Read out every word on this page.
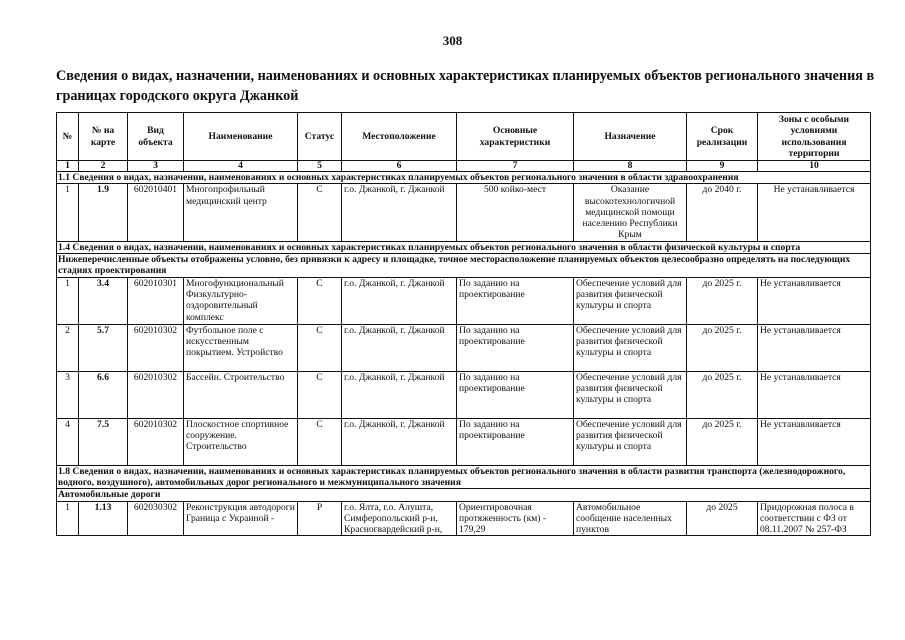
308
Сведения о видах, назначении, наименованиях и основных характеристиках планируемых объектов регионального значения в границах городского округа Джанкой
№	№ на карте	Вид объекта	Наименование	Статус	Местоположение	Основные характеристики	Назначение	Срок реализации	Зоны с особыми условиями использования территории
1	2	3	4	5	6	7	8	9	10
1.1 Сведения о видах, назначении, наименованиях и основных характеристиках планируемых объектов регионального значения в области здравоохранения									
1	1.9	602010401	Многопрофильный медицинский центр	С	г.о. Джанкой, г. Джанкой	500 койко-мест	Оказание высокотехнологичной медицинской помощи населению Республики Крым	до 2040 г.	Не устанавливается
1.4 Сведения о видах, назначении, наименованиях и основных характеристиках планируемых объектов регионального значения в области физической культуры и спорта									
Нижеперечисленные объекты отображены условно, без привязки к адресу и площадке, точное месторасположение планируемых объектов целесообразно определять на последующих стадиях проектирования									
1	3.4	602010301	Многофункциональный Физкультурно-оздоровительный комплекс	С	г.о. Джанкой, г. Джанкой	По заданию на проектирование	Обеспечение условий для развития физической культуры и спорта	до 2025 г.	Не устанавливается
2	5.7	602010302	Футбольное поле с искусственным покрытием. Устройство	С	г.о. Джанкой, г. Джанкой	По заданию на проектирование	Обеспечение условий для развития физической культуры и спорта	до 2025 г.	Не устанавливается
3	6.6	602010302	Бассейн. Строительство	С	г.о. Джанкой, г. Джанкой	По заданию на проектирование	Обеспечение условий для развития физической культуры и спорта	до 2025 г.	Не устанавливается
4	7.5	602010302	Плоскостное спортивное сооружение. Строительство	С	г.о. Джанкой, г. Джанкой	По заданию на проектирование	Обеспечение условий для развития физической культуры и спорта	до 2025 г.	Не устанавливается
1.8 Сведения о видах, назначении, наименованиях и основных характеристиках планируемых объектов регионального значения в области развития транспорта (железнодорожного, водного, воздушного), автомобильных дорог регионального и межмуниципального значения									
Автомобильные дороги									
1	1.13	602030302	Реконструкция автодороги Граница с Украиной -	Р	г.о. Ялта, г.о. Алушта, Симферопольский р-н, Красногвардейский р-н,	Ориентировочная протяженность (км) - 179,29	Автомобильное сообщение населенных пунктов	до 2025	Придорожная полоса в соответствии с ФЗ от 08.11.2007 № 257-ФЗ
